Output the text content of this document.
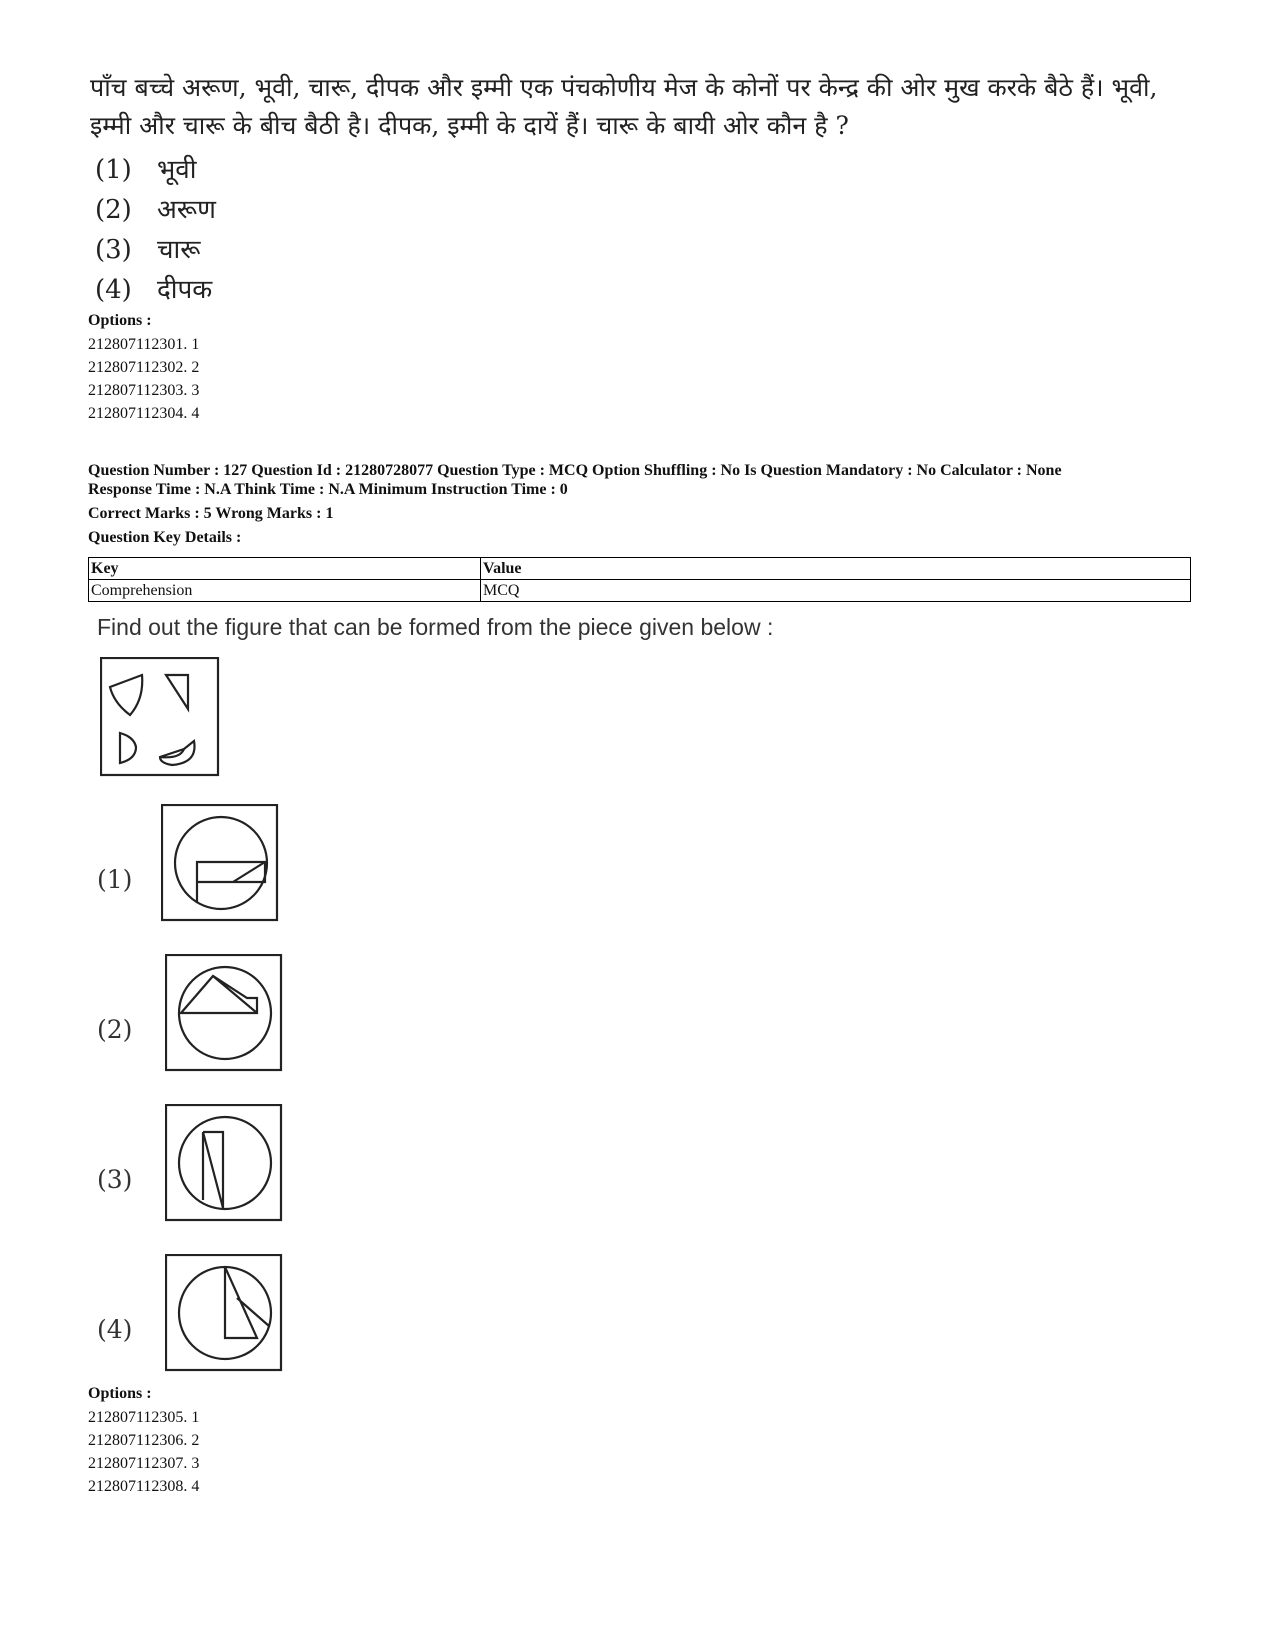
पाँच बच्चे अरूण, भूवी, चारू, दीपक और इम्मी एक पंचकोणीय मेज के कोनों पर केन्द्र की ओर मुख करके बैठे हैं। भूवी,
इम्मी और चारू के बीच बैठी है। दीपक, इम्मी के दायें हैं। चारू के बायी ओर कौन है ?
(1) भूवी
(2) अरूण
(3) चारू
(4) दीपक
Options :
212807112301. 1
212807112302. 2
212807112303. 3
212807112304. 4
Question Number : 127 Question Id : 21280728077 Question Type : MCQ Option Shuffling : No Is Question Mandatory : No Calculator : None
Response Time : N.A Think Time : N.A Minimum Instruction Time : 0
Correct Marks : 5 Wrong Marks : 1
Question Key Details :
Key	Value
Comprehension	MCQ
Find out the figure that can be formed from the piece given below :
(1)
(2)
(3)
(4)
Options :
212807112305. 1
212807112306. 2
212807112307. 3
212807112308. 4
